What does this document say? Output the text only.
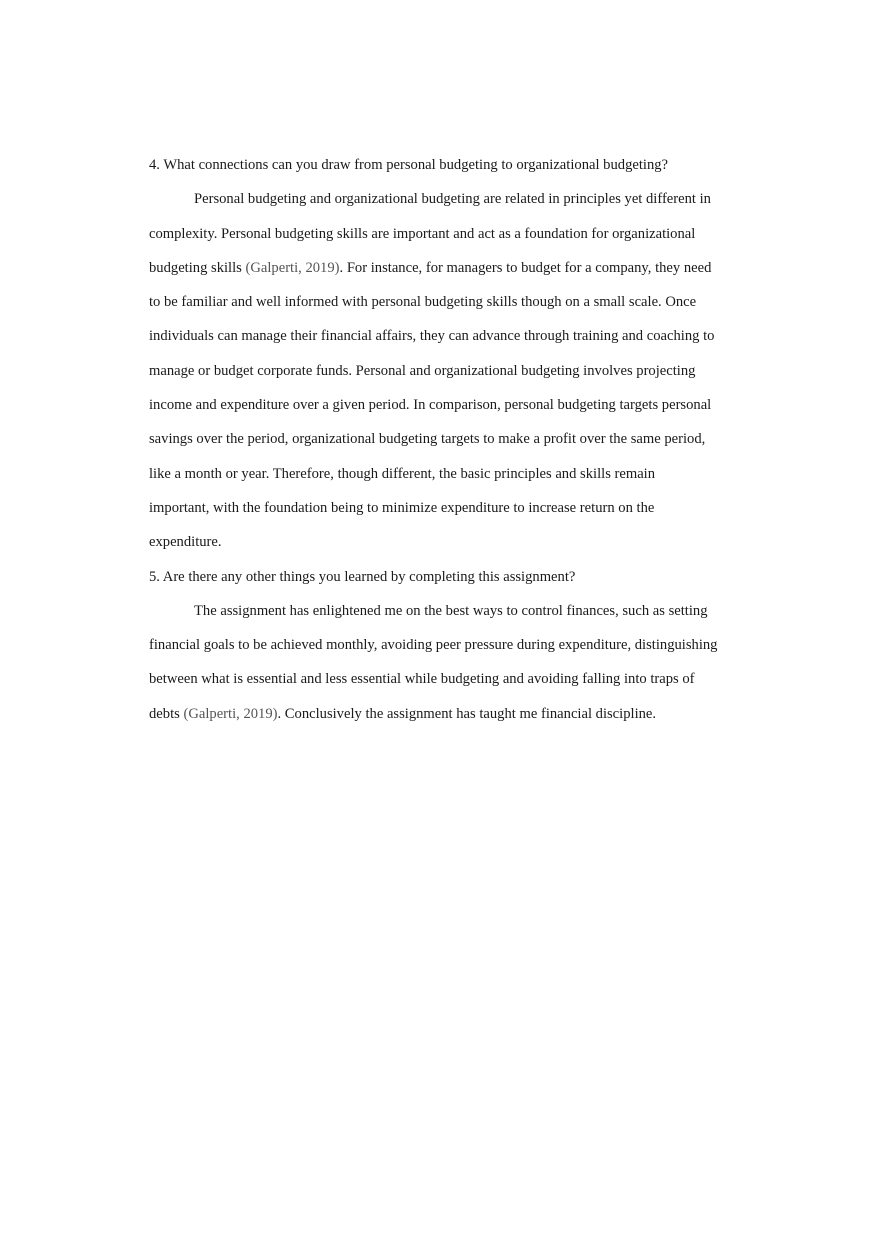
4. What connections can you draw from personal budgeting to organizational budgeting?

Personal budgeting and organizational budgeting are related in principles yet different in
complexity. Personal budgeting skills are important and act as a foundation for organizational
budgeting skills (Galperti, 2019). For instance, for managers to budget for a company, they need
to be familiar and well informed with personal budgeting skills though on a small scale. Once
individuals can manage their financial affairs, they can advance through training and coaching to
manage or budget corporate funds. Personal and organizational budgeting involves projecting
income and expenditure over a given period. In comparison, personal budgeting targets personal
savings over the period, organizational budgeting targets to make a profit over the same period,
like a month or year. Therefore, though different, the basic principles and skills remain
important, with the foundation being to minimize expenditure to increase return on the
expenditure.

5. Are there any other things you learned by completing this assignment?

The assignment has enlightened me on the best ways to control finances, such as setting
financial goals to be achieved monthly, avoiding peer pressure during expenditure, distinguishing
between what is essential and less essential while budgeting and avoiding falling into traps of
debts (Galperti, 2019). Conclusively the assignment has taught me financial discipline.
